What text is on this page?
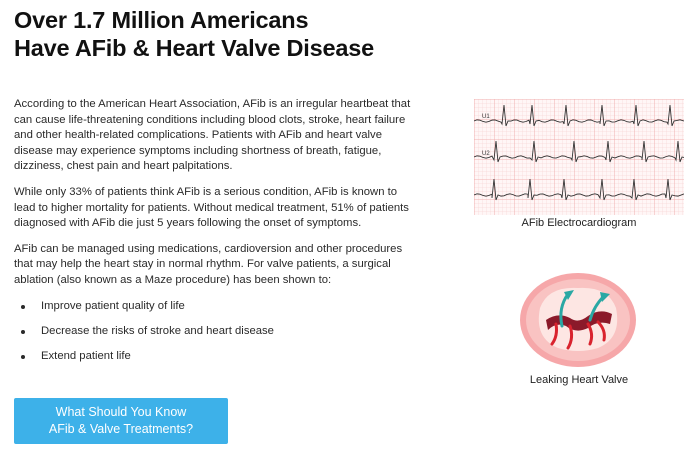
Over 1.7 Million Americans
Have AFib & Heart Valve Disease

According to the American Heart Association, AFib is an irregular heartbeat that can cause life-threatening conditions including blood clots, stroke, heart failure and other health-related complications. Patients with AFib and heart valve disease may experience symptoms including shortness of breath, fatigue, dizziness, chest pain and heart palpitations.

While only 33% of patients think AFib is a serious condition, AFib is known to lead to higher mortality for patients. Without medical treatment, 51% of patients diagnosed with AFib die just 5 years following the onset of symptoms.

AFib can be managed using medications, cardioversion and other procedures that may help the heart stay in normal rhythm. For valve patients, a surgical ablation (also known as a Maze procedure) has been shown to:

Improve patient quality of life
Decrease the risks of stroke and heart disease
Extend patient life
What Should You Know
AFib & Valve Treatments?
U1
U2
AFib Electrocardiogram
Leaking Heart Valve
